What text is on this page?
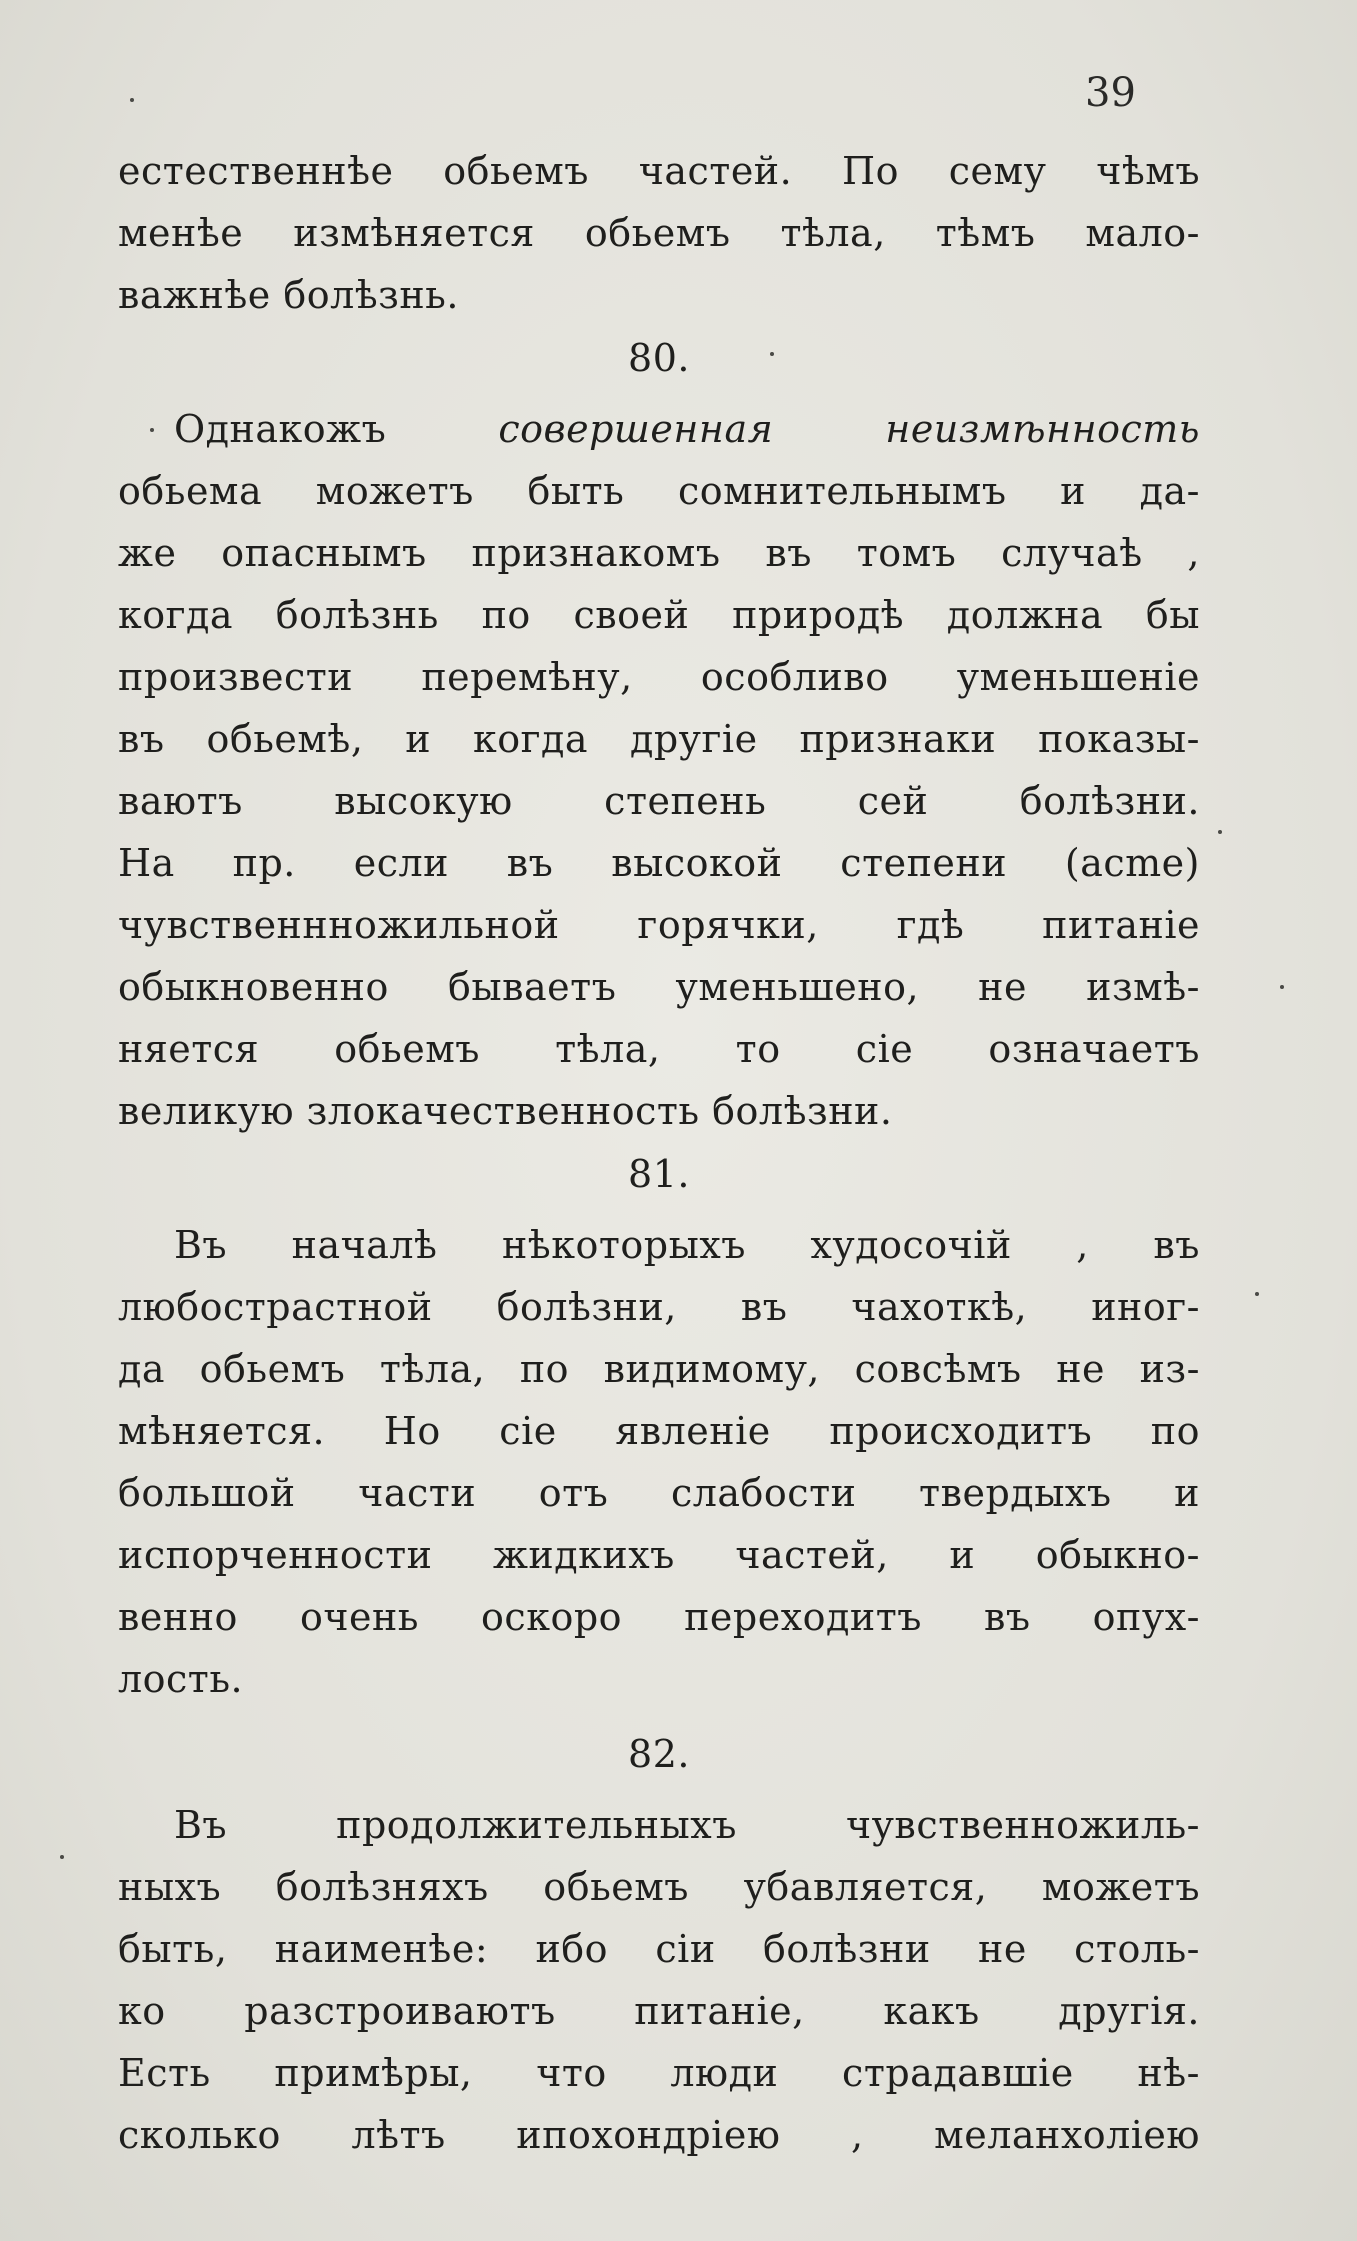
39
естественнѣе обьемъ частей. По сему чѣмъ
менѣе измѣняется обьемъ тѣла, тѣмъ мало-
важнѣе болѣзнь.
80.
Однакожъ совершенная неизмѣнность
обьема можетъ быть сомнительнымъ и да-
же опаснымъ признакомъ въ томъ случаѣ ,
когда болѣзнь по своей природѣ должна бы
произвести перемѣну, особливо уменьшеніе
въ обьемѣ, и когда другіе признаки показы-
ваютъ высокую степень сей болѣзни.
На пр. если въ высокой степени (acme)
чувственнножильной горячки, гдѣ питаніе
обыкновенно бываетъ уменьшено, не измѣ-
няется обьемъ тѣла, то сіе означаетъ
великую злокачественность болѣзни.
81.
Въ началѣ нѣкоторыхъ худосочій , въ
любострастной болѣзни, въ чахоткѣ, иног-
да обьемъ тѣла, по видимому, совсѣмъ не из-
мѣняется. Но сіе явленіе происходитъ по
большой части отъ слабости твердыхъ и
испорченности жидкихъ частей, и обыкно-
венно очень оскоро переходитъ въ опух-
лость.
82.
Въ продолжительныхъ чувственножиль-
ныхъ болѣзняхъ обьемъ убавляется, можетъ
быть, наименѣе: ибо сіи болѣзни не столь-
ко разстроиваютъ питаніе, какъ другія.
Есть примѣры, что люди страдавшіе нѣ-
сколько лѣтъ ипохондріею , меланхоліею
